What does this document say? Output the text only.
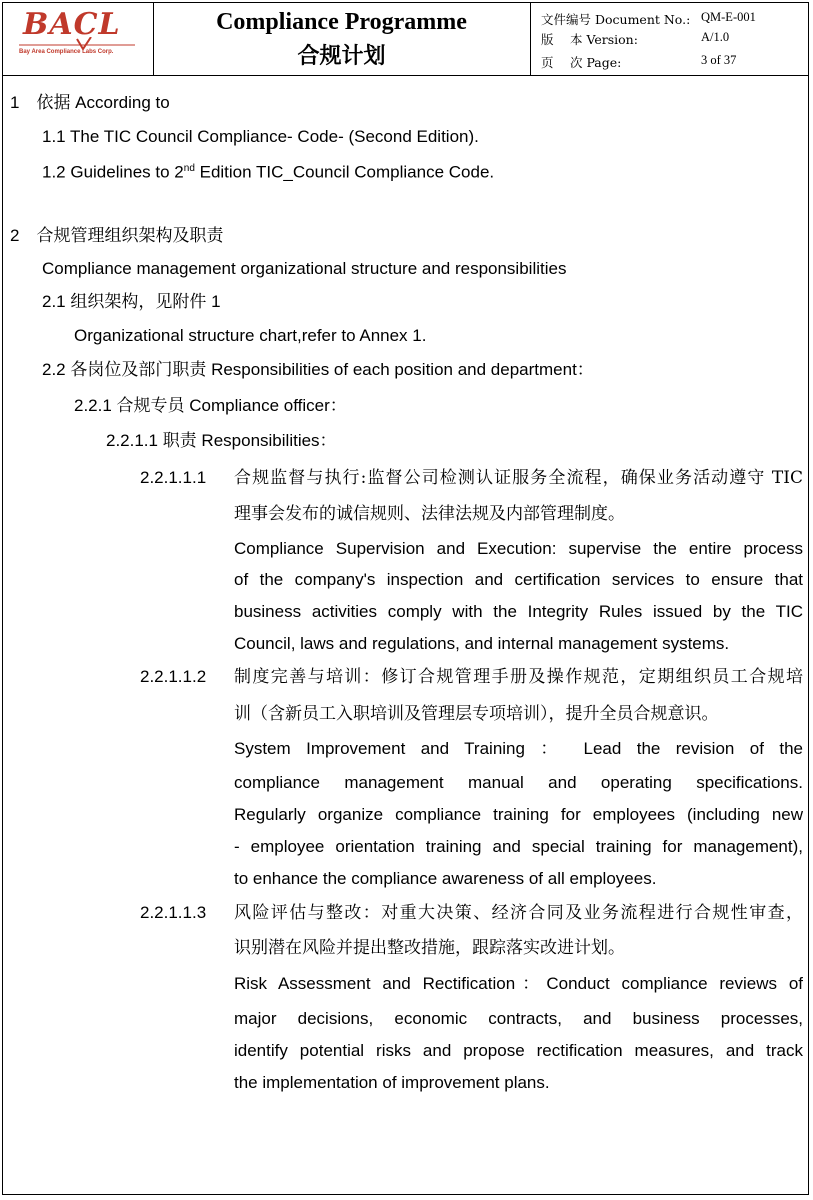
BACL
Bay Area Compliance Labs Corp.
Compliance Programme
合规计划
文件编号 Document No.: QM-E-001
版　 本 Version:	A/1.0
页　 次 Page:	3 of 37
1　依据 According to
1.1 The TIC Council Compliance- Code- (Second Edition).
1.2 Guidelines to 2nd Edition TIC_Council Compliance Code.
2　合规管理组织架构及职责
Compliance management organizational structure and responsibilities
2.1 组织架构，见附件 1
Organizational structure chart,refer to Annex 1.
2.2 各岗位及部门职责 Responsibilities of each position and department：
2.2.1 合规专员 Compliance officer：
2.2.1.1 职责 Responsibilities：
2.2.1.1.1 合规监督与执行:监督公司检测认证服务全流程，确保业务活动遵守 TIC
理事会发布的诚信规则、法律法规及内部管理制度。
Compliance Supervision and Execution: supervise the entire process
of the company's inspection and certification services to ensure that
business activities comply with the Integrity Rules issued by the TIC
Council, laws and regulations, and internal management systems.
2.2.1.1.2 制度完善与培训：修订合规管理手册及操作规范，定期组织员工合规培
训（含新员工入职培训及管理层专项培训），提升全员合规意识。
System Improvement and Training ： Lead the revision of the
compliance management manual and operating specifications.
Regularly organize compliance training for employees (including new
- employee orientation training and special training for management),
to enhance the compliance awareness of all employees.
2.2.1.1.3 风险评估与整改：对重大决策、经济合同及业务流程进行合规性审查，
识别潜在风险并提出整改措施，跟踪落实改进计划。
Risk Assessment and Rectification：Conduct compliance reviews of
major decisions, economic contracts, and business processes,
identify potential risks and propose rectification measures, and track
the implementation of improvement plans.
